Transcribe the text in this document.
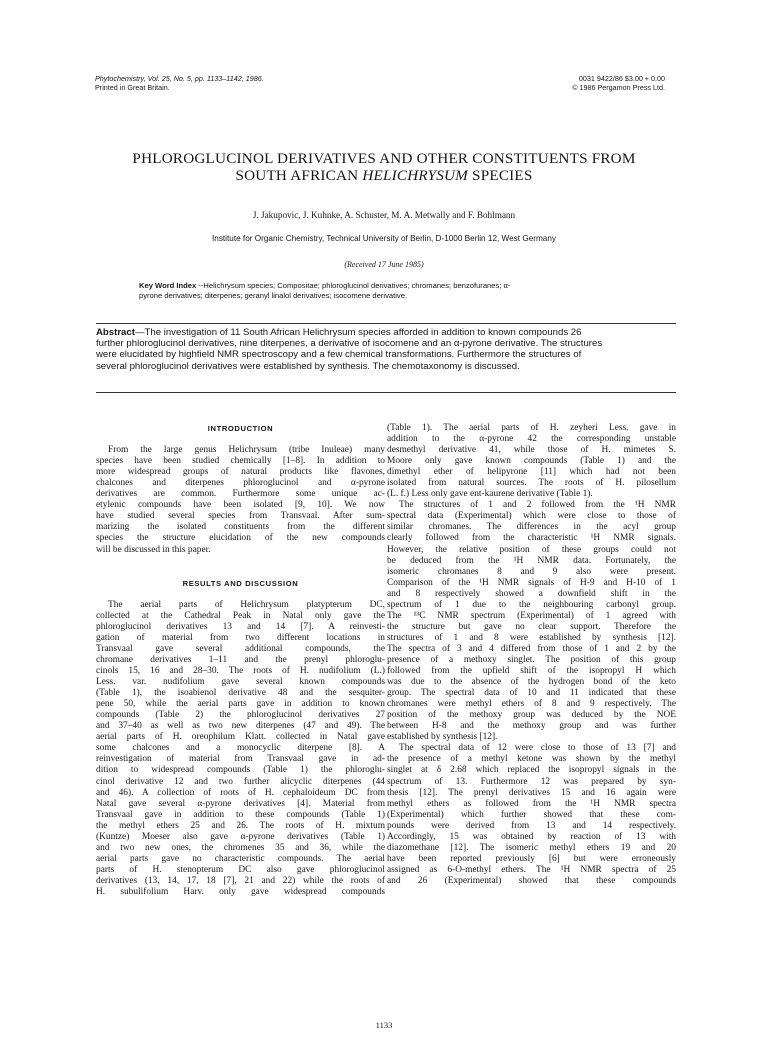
Phytochemistry, Vol. 25, No. 5, pp. 1133–1142, 1986.
Printed in Great Britain.
0031 9422/86 $3.00 + 0.00
© 1986 Pergamon Press Ltd.
PHLOROGLUCINOL DERIVATIVES AND OTHER CONSTITUENTS FROM
SOUTH AFRICAN HELICHRYSUM SPECIES
J. Jakupovic, J. Kuhnke, A. Schuster, M. A. Metwally and F. Bohlmann
Institute for Organic Chemistry, Technical University of Berlin, D-1000 Berlin 12, West Germany
(Received 17 June 1985)
Key Word Index --Helichrysum species; Compositae; phloroglucinol derivatives; chromanes; benzofuranes; α-
pyrone derivatives; diterpenes; geranyl linalol derivatives; isocomene derivative.
Abstract—The investigation of 11 South African Helichrysum species afforded in addition to known compounds 26
further phloroglucinol derivatives, nine diterpenes, a derivative of isocomene and an α-pyrone derivative. The structures
were elucidated by highfield NMR spectroscopy and a few chemical transformations. Furthermore the structures of
several phloroglucinol derivatives were established by synthesis. The chemotaxonomy is discussed.
INTRODUCTION
From the large genus Helichrysum (tribe Inuleae) many
species have been studied chemically [1–8]. In addition to
more widespread groups of natural products like flavones,
chalcones and diterpenes phloroglucinol and α-pyrone
derivatives are common. Furthermore some unique ac-
etylenic compounds have been isolated [9, 10]. We now
have studied several species from Transvaal. After sum-
marizing the isolated constituents from the different
species the structure elucidation of the new compounds
will be discussed in this paper.
RESULTS AND DISCUSSION
The aerial parts of Helichrysum platypterum DC,
collected at the Cathedral Peak in Natal only gave the
phloroglucinol derivatives 13 and 14 [7]. A reinvesti-
gation of material from two different locations in
Transvaal gave several additional compounds, the
chromane derivatives 1–11 and the prenyl phloroglu-
cinols 15, 16 and 28–30. The roots of H. nudifolium (L.)
Less. var. nudifolium gave several known compounds
(Table 1), the isoabienol derivative 48 and the sesquiter-
pene 50, while the aerial parts gave in addition to known
compounds (Table 2) the phloroglucinol derivatives 27
and 37–40 as well as two new diterpenes (47 and 49). The
aerial parts of H. oreophilum Klatt. collected in Natal gave
some chalcones and a monocyclic diterpene [8]. A
reinvestigation of material from Transvaal gave in ad-
dition to widespread compounds (Table 1) the phloroglu-
cinol derivative 12 and two further alicyclic diterpenes (44
and 46). A collection of roots of H. cephaloideum DC from
Natal gave several α-pyrone derivatives [4]. Material from
Transvaal gave in addition to these compounds (Table 1)
the methyl ethers 25 and 26. The roots of H. mixtum
(Kuntze) Moeser also gave α-pyrone derivatives (Table 1)
and two new ones, the chromenes 35 and 36, while the
aerial parts gave no characteristic compounds. The aerial
parts of H. stenopterum DC also gave phloroglucinol
derivatives (13, 14, 17, 18 [7], 21 and 22) while the roots of
H. subulifolium Harv. only gave widespread compounds
(Table 1). The aerial parts of H. zeyheri Less. gave in
addition to the α-pyrone 42 the corresponding unstable
desmethyl derivative 41, while those of H. mimetes S.
Moore only gave known compounds (Table 1) and the
dimethyl ether of helipyrone [11] which had not been
isolated from natural sources. The roots of H. pilosellum
(L. f.) Less only gave ent-kaurene derivative (Table 1).
The structures of 1 and 2 followed from the ¹H NMR
spectral data (Experimental) which were close to those of
similar chromanes. The differences in the acyl group
clearly followed from the characteristic ¹H NMR signals.
However, the relative position of these groups could not
be deduced from the ¹H NMR data. Fortunately, the
isomeric chromanes 8 and 9 also were present.
Comparison of the ¹H NMR signals of H-9 and H-10 of 1
and 8 respectively showed a downfield shift in the
spectrum of 1 due to the neighbouring carbonyl group.
The ¹³C NMR spectrum (Experimental) of 1 agreed with
the structure but gave no clear support. Therefore the
structures of 1 and 8 were established by synthesis [12].
The spectra of 3 and 4 differed from those of 1 and 2 by the
presence of a methoxy singlet. The position of this group
followed from the upfield shift of the isopropyl H which
was due to the absence of the hydrogen bond of the keto
group. The spectral data of 10 and 11 indicated that these
chromanes were methyl ethers of 8 and 9 respectively. The
position of the methoxy group was deduced by the NOE
between H-8 and the methoxy group and was further
established by synthesis [12].
The spectral data of 12 were close to those of 13 [7] and
the presence of a methyl ketone was shown by the methyl
singlet at δ 2.68 which replaced the isopropyl signals in the
spectrum of 13. Furthermore 12 was prepared by syn-
thesis [12]. The prenyl derivatives 15 and 16 again were
methyl ethers as followed from the ¹H NMR spectra
(Experimental) which further showed that these com-
pounds were derived from 13 and 14 respectively.
Accordingly, 15 was obtained by reaction of 13 with
diazomethane [12]. The isomeric methyl ethers 19 and 20
have been reported previously [6] but were erroneously
assigned as 6-O-methyl ethers. The ¹H NMR spectra of 25
and 26 (Experimental) showed that these compounds
1133
